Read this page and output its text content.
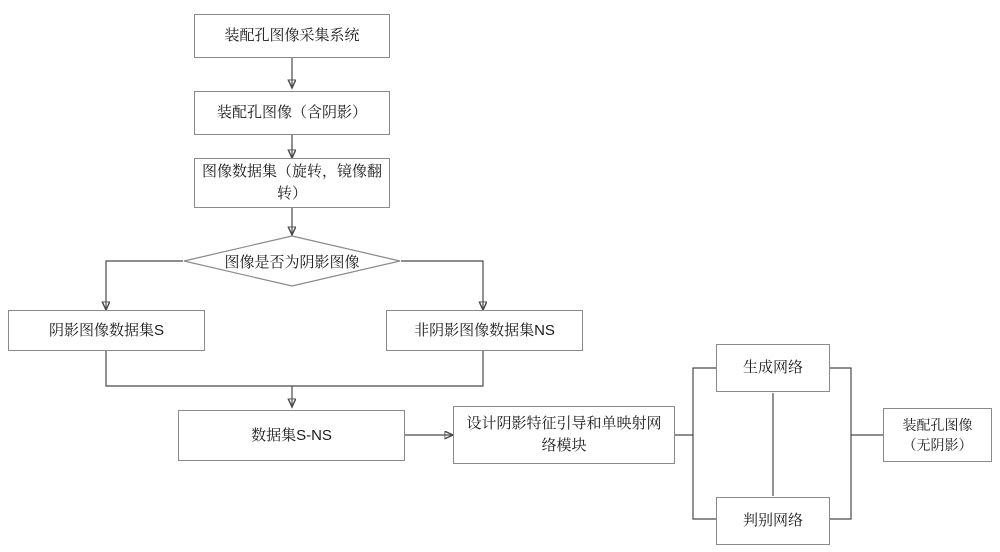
装配孔图像采集系统
装配孔图像（含阴影）
图像数据集（旋转，镜像翻转）
图像是否为阴影图像
阴影图像数据集S	非阴影图像数据集NS
数据集S-NS
设计阴影特征引导和单映射网络模块
生成网络
判别网络
装配孔图像（无阴影）
